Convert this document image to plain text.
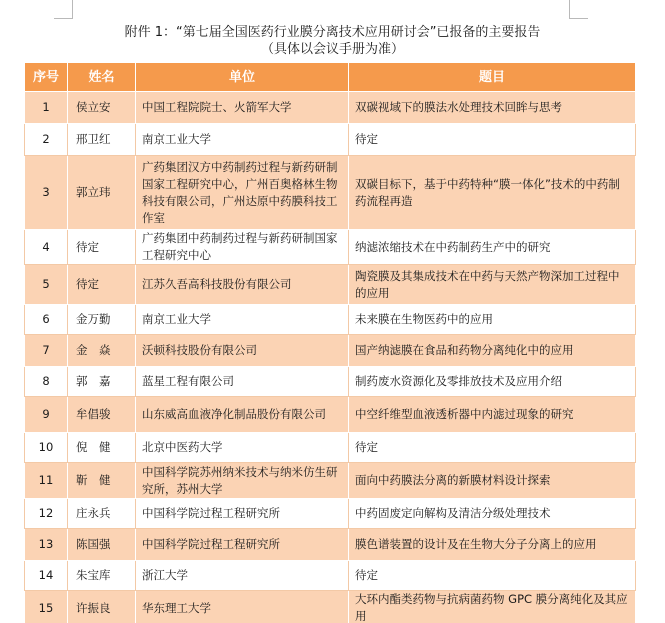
附件 1：“第七届全国医药行业膜分离技术应用研讨会”已报备的主要报告
（具体以会议手册为准）
序号	姓名	单位	题目
1	侯立安	中国工程院院士、火箭军大学	双碳视域下的膜法水处理技术回眸与思考
2	邢卫红	南京工业大学	待定
3	郭立玮	广药集团汉方中药制药过程与新药研制国家工程研究中心，广州百奥格林生物科技有限公司，广州达原中药膜科技工作室	双碳目标下，基于中药特种“膜一体化”技术的中药制药流程再造
4	待定	广药集团中药制药过程与新药研制国家工程研究中心	纳滤浓缩技术在中药制药生产中的研究
5	待定	江苏久吾高科技股份有限公司	陶瓷膜及其集成技术在中药与天然产物深加工过程中的应用
6	金万勤	南京工业大学	未来膜在生物医药中的应用
7	金　焱	沃顿科技股份有限公司	国产纳滤膜在食品和药物分离纯化中的应用
8	郭　嘉	蓝星工程有限公司	制药废水资源化及零排放技术及应用介绍
9	牟倡骏	山东威高血液净化制品股份有限公司	中空纤维型血液透析器中内滤过现象的研究
10	倪　健	北京中医药大学	待定
11	靳　健	中国科学院苏州纳米技术与纳米仿生研究所，苏州大学	面向中药膜法分离的新膜材料设计探索
12	庄永兵	中国科学院过程工程研究所	中药固废定向解构及清洁分级处理技术
13	陈国强	中国科学院过程工程研究所	膜色谱装置的设计及在生物大分子分离上的应用
14	朱宝库	浙江大学	待定
15	许振良	华东理工大学	大环内酯类药物与抗病菌药物 GPC 膜分离纯化及其应用
